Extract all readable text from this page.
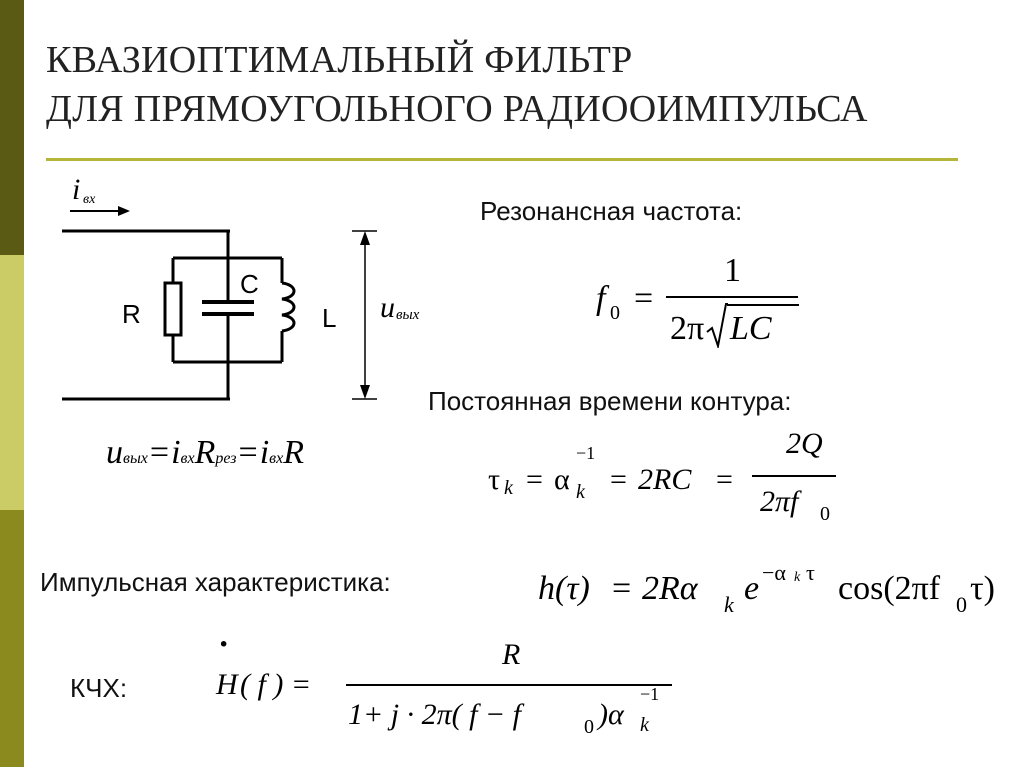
КВАЗИОПТИМАЛЬНЫЙ ФИЛЬТР
ДЛЯ ПРЯМОУГОЛЬНОГО РАДИООИМПУЛЬСА
i вх
R
C
L u вых
uвых=iвхRрез=iвхR
Резонансная частота:
f 0 =
1
2π LC
Постоянная времени контура:
τ k = α
−1
k = 2RC =
2Q
2πf 0
Импульсная характеристика:	h(τ) = 2Rα k e −α k τ cos(2πf 0 τ)
КЧХ:
·
H ( f ) =
R
1+ j · 2π( f − f	0 )α
−1
k
